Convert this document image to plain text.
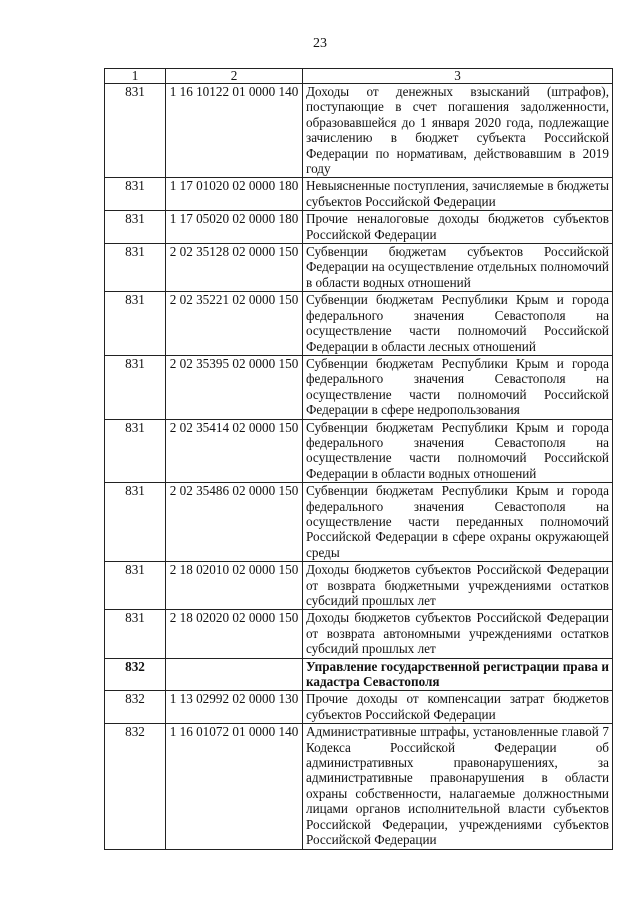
23
1	2	3
831	1 16 10122 01 0000 140	Доходы от денежных взысканий (штрафов), поступающие в счет погашения задолженности, образовавшейся до 1 января 2020 года, подлежащие зачислению в бюджет субъекта Российской Федерации по нормативам, действовавшим в 2019 году
831	1 17 01020 02 0000 180	Невыясненные поступления, зачисляемые в бюджеты субъектов Российской Федерации
831	1 17 05020 02 0000 180	Прочие неналоговые доходы бюджетов субъектов Российской Федерации
831	2 02 35128 02 0000 150	Субвенции бюджетам субъектов Российской Федерации на осуществление отдельных полномочий в области водных отношений
831	2 02 35221 02 0000 150	Субвенции бюджетам Республики Крым и города федерального значения Севастополя на осуществление части полномочий Российской Федерации в области лесных отношений
831	2 02 35395 02 0000 150	Субвенции бюджетам Республики Крым и города федерального значения Севастополя на осуществление части полномочий Российской Федерации в сфере недропользования
831	2 02 35414 02 0000 150	Субвенции бюджетам Республики Крым и города федерального значения Севастополя на осуществление части полномочий Российской Федерации в области водных отношений
831	2 02 35486 02 0000 150	Субвенции бюджетам Республики Крым и города федерального значения Севастополя на осуществление части переданных полномочий Российской Федерации в сфере охраны окружающей среды
831	2 18 02010 02 0000 150	Доходы бюджетов субъектов Российской Федерации от возврата бюджетными учреждениями остатков субсидий прошлых лет
831	2 18 02020 02 0000 150	Доходы бюджетов субъектов Российской Федерации от возврата автономными учреждениями остатков субсидий прошлых лет
832		Управление государственной регистрации права и кадастра Севастополя
832	1 13 02992 02 0000 130	Прочие доходы от компенсации затрат бюджетов субъектов Российской Федерации
832	1 16 01072 01 0000 140	Административные штрафы, установленные главой 7 Кодекса Российской Федерации об административных правонарушениях, за административные правонарушения в области охраны собственности, налагаемые должностными лицами органов исполнительной власти субъектов Российской Федерации, учреждениями субъектов Российской Федерации
